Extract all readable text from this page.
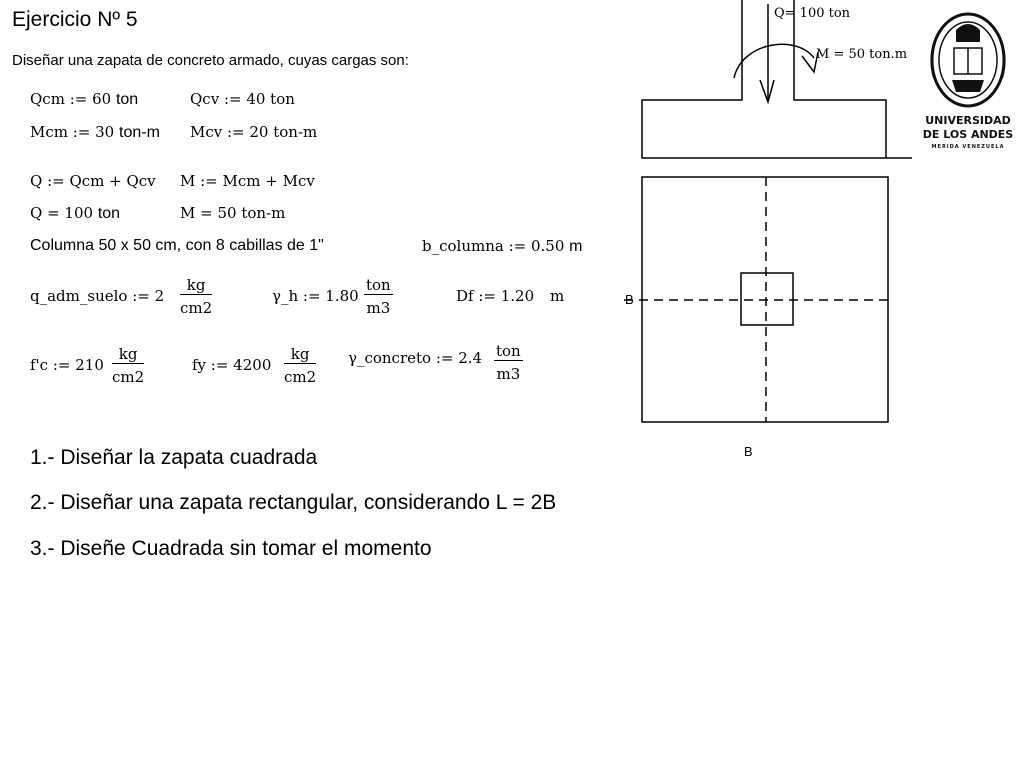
Ejercicio Nº 5
Diseñar una zapata de concreto armado, cuyas cargas son:
Qcm := 60 ton	Qcv := 40 ton
Mcm := 30 ton-m Mcv := 20 ton-m
Q := Qcm + Qcv M := Mcm + Mcv
Q = 100 ton	M = 50 ton-m
Columna 50 x 50 cm, con 8 cabillas de 1"	b_columna := 0.50 m
q_adm_suelo := $2 \frac{kg}{cm2}$	γ_h := 1.80
ton
m3
Df := 1.20 m
f'c := $210 \frac{kg}{cm2}$	fy := $4200 \frac{kg}{cm2}$ γ_concreto := 2.4 ton
m3
1.- Diseñar la zapata cuadrada
2.- Diseñar una zapata rectangular, considerando L = 2B
3.- Diseñe Cuadrada sin tomar el momento
Q= 100 ton
M = 50 ton.m
B
B
UNIVERSIDAD
DE LOS ANDES
MERIDA VENEZUELA
